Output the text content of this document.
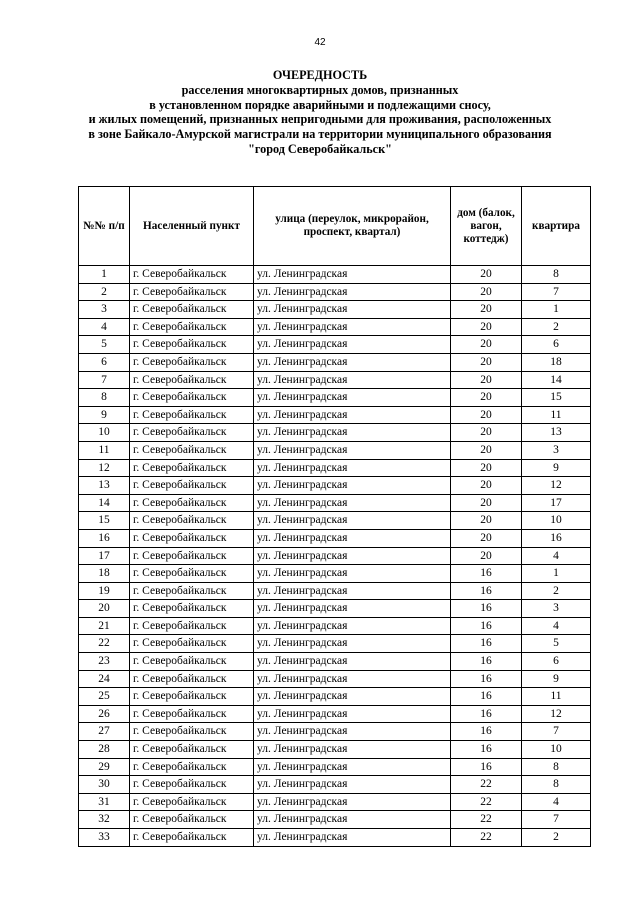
42
ОЧЕРЕДНОСТЬ
расселения многоквартирных домов, признанных
в установленном порядке аварийными и подлежащими сносу,
и жилых помещений, признанных непригодными для проживания, расположенных
в зоне Байкало-Амурской магистрали на территории муниципального образования
"город Северобайкальск"
№№ п/п	Населенный пункт	улица (переулок, микрорайон, проспект, квартал)	дом (балок, вагон, коттедж)	квартира
1	г. Северобайкальск	ул. Ленинградская	20	8
2	г. Северобайкальск	ул. Ленинградская	20	7
3	г. Северобайкальск	ул. Ленинградская	20	1
4	г. Северобайкальск	ул. Ленинградская	20	2
5	г. Северобайкальск	ул. Ленинградская	20	6
6	г. Северобайкальск	ул. Ленинградская	20	18
7	г. Северобайкальск	ул. Ленинградская	20	14
8	г. Северобайкальск	ул. Ленинградская	20	15
9	г. Северобайкальск	ул. Ленинградская	20	11
10	г. Северобайкальск	ул. Ленинградская	20	13
11	г. Северобайкальск	ул. Ленинградская	20	3
12	г. Северобайкальск	ул. Ленинградская	20	9
13	г. Северобайкальск	ул. Ленинградская	20	12
14	г. Северобайкальск	ул. Ленинградская	20	17
15	г. Северобайкальск	ул. Ленинградская	20	10
16	г. Северобайкальск	ул. Ленинградская	20	16
17	г. Северобайкальск	ул. Ленинградская	20	4
18	г. Северобайкальск	ул. Ленинградская	16	1
19	г. Северобайкальск	ул. Ленинградская	16	2
20	г. Северобайкальск	ул. Ленинградская	16	3
21	г. Северобайкальск	ул. Ленинградская	16	4
22	г. Северобайкальск	ул. Ленинградская	16	5
23	г. Северобайкальск	ул. Ленинградская	16	6
24	г. Северобайкальск	ул. Ленинградская	16	9
25	г. Северобайкальск	ул. Ленинградская	16	11
26	г. Северобайкальск	ул. Ленинградская	16	12
27	г. Северобайкальск	ул. Ленинградская	16	7
28	г. Северобайкальск	ул. Ленинградская	16	10
29	г. Северобайкальск	ул. Ленинградская	16	8
30	г. Северобайкальск	ул. Ленинградская	22	8
31	г. Северобайкальск	ул. Ленинградская	22	4
32	г. Северобайкальск	ул. Ленинградская	22	7
33	г. Северобайкальск	ул. Ленинградская	22	2
